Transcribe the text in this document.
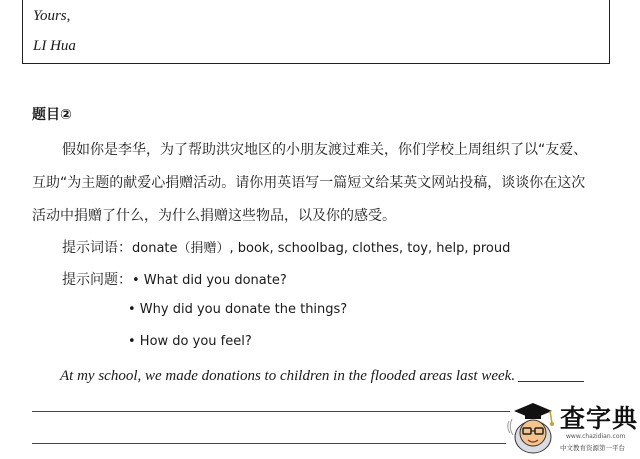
Yours,
LI Hua
题目②
假如你是李华，为了帮助洪灾地区的小朋友渡过难关，你们学校上周组织了以“友爱、
互助“为主题的献爱心捐赠活动。请你用英语写一篇短文给某英文网站投稿，谈谈你在这次
活动中捐赠了什么，为什么捐赠这些物品，以及你的感受。
提示词语：donate（捐赠）, book, schoolbag, clothes, toy, help, proud
提示问题：• What did you donate?
• Why did you donate the things?
• How do you feel?
At my school, we made donations to children in the flooded areas last week.
查字典
www.chazidian.com
中文教育资源第一平台
